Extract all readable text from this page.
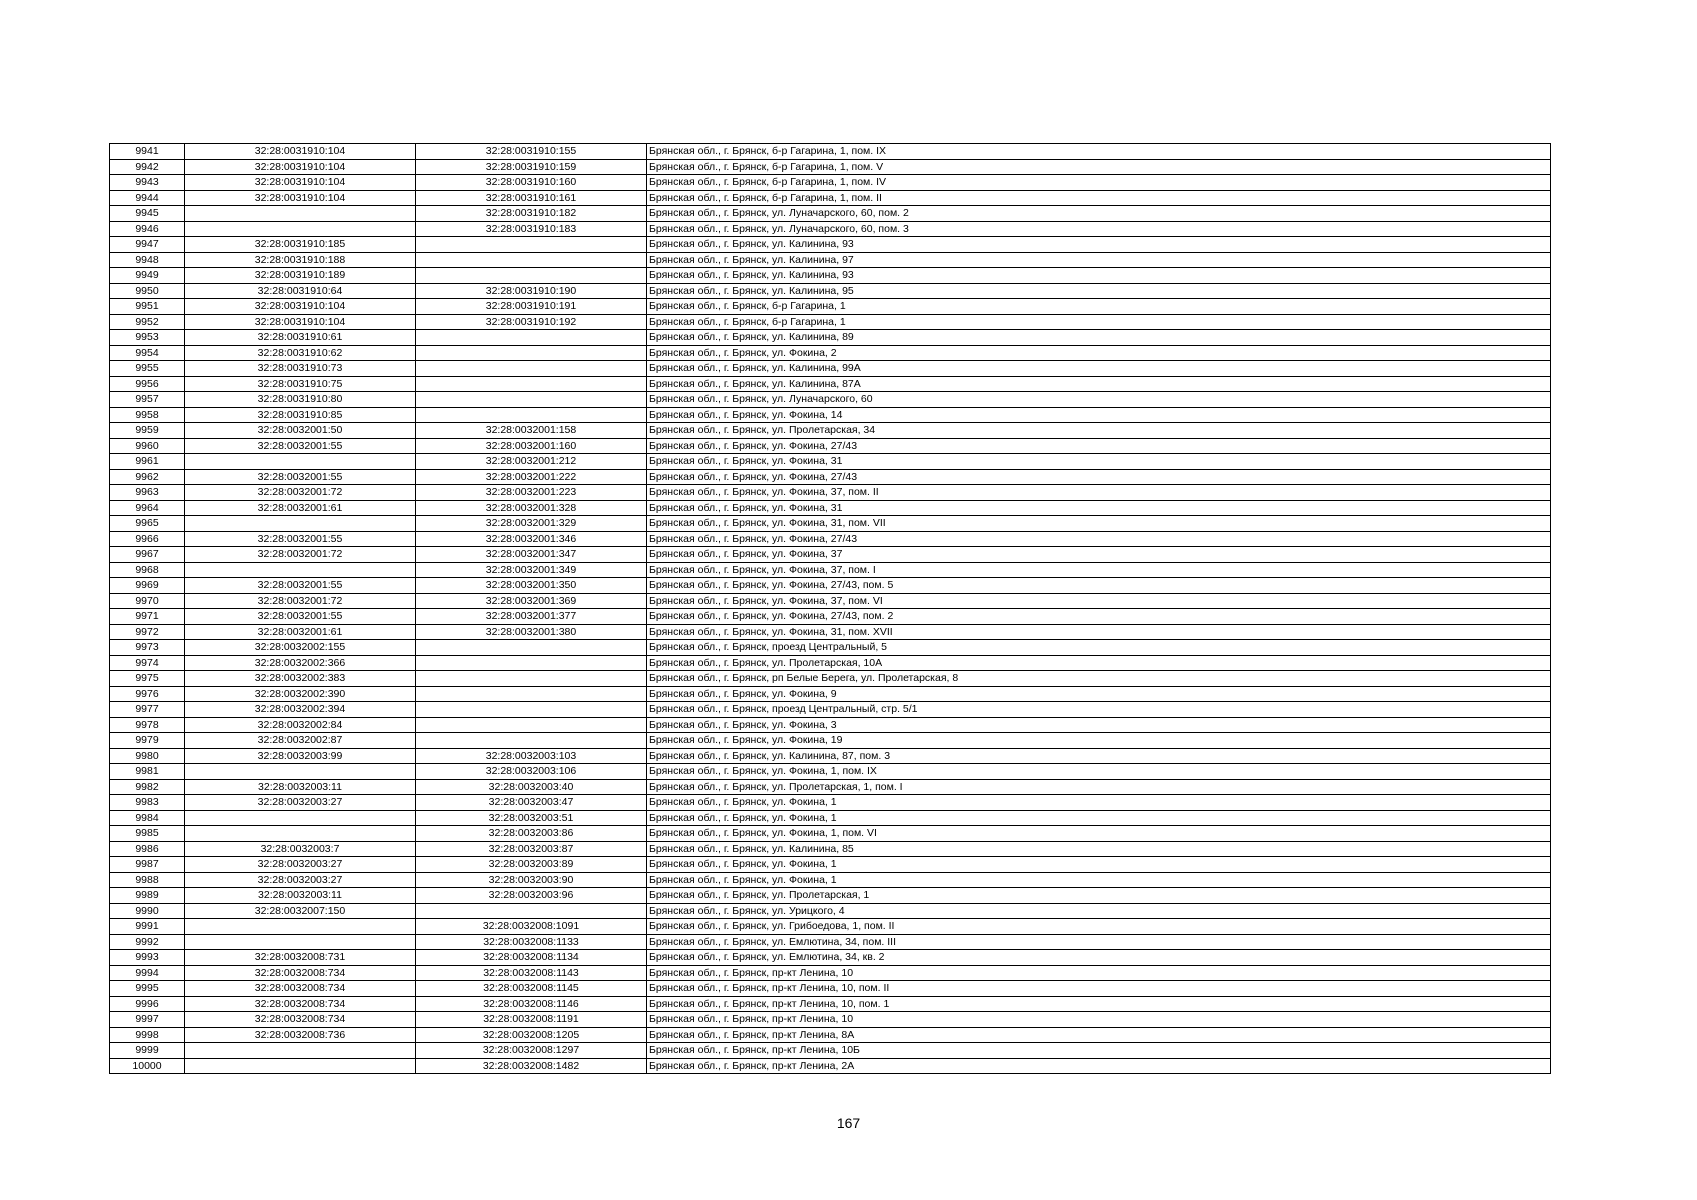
9941	32:28:0031910:104	32:28:0031910:155	Брянская обл., г. Брянск, б-р Гагарина, 1, пом. IX
9942	32:28:0031910:104	32:28:0031910:159	Брянская обл., г. Брянск, б-р Гагарина, 1, пом. V
9943	32:28:0031910:104	32:28:0031910:160	Брянская обл., г. Брянск, б-р Гагарина, 1, пом. IV
9944	32:28:0031910:104	32:28:0031910:161	Брянская обл., г. Брянск, б-р Гагарина, 1, пом. II
9945		32:28:0031910:182	Брянская обл., г. Брянск, ул. Луначарского, 60, пом. 2
9946		32:28:0031910:183	Брянская обл., г. Брянск, ул. Луначарского, 60, пом. 3
9947	32:28:0031910:185		Брянская обл., г. Брянск, ул. Калинина, 93
9948	32:28:0031910:188		Брянская обл., г. Брянск, ул. Калинина, 97
9949	32:28:0031910:189		Брянская обл., г. Брянск, ул. Калинина, 93
9950	32:28:0031910:64	32:28:0031910:190	Брянская обл., г. Брянск, ул. Калинина, 95
9951	32:28:0031910:104	32:28:0031910:191	Брянская обл., г. Брянск, б-р Гагарина, 1
9952	32:28:0031910:104	32:28:0031910:192	Брянская обл., г. Брянск, б-р Гагарина, 1
9953	32:28:0031910:61		Брянская обл., г. Брянск, ул. Калинина, 89
9954	32:28:0031910:62		Брянская обл., г. Брянск, ул. Фокина, 2
9955	32:28:0031910:73		Брянская обл., г. Брянск, ул. Калинина, 99А
9956	32:28:0031910:75		Брянская обл., г. Брянск, ул. Калинина, 87А
9957	32:28:0031910:80		Брянская обл., г. Брянск, ул. Луначарского, 60
9958	32:28:0031910:85		Брянская обл., г. Брянск, ул. Фокина, 14
9959	32:28:0032001:50	32:28:0032001:158	Брянская обл., г. Брянск, ул. Пролетарская, 34
9960	32:28:0032001:55	32:28:0032001:160	Брянская обл., г. Брянск, ул. Фокина, 27/43
9961		32:28:0032001:212	Брянская обл., г. Брянск, ул. Фокина, 31
9962	32:28:0032001:55	32:28:0032001:222	Брянская обл., г. Брянск, ул. Фокина, 27/43
9963	32:28:0032001:72	32:28:0032001:223	Брянская обл., г. Брянск, ул. Фокина, 37, пом. II
9964	32:28:0032001:61	32:28:0032001:328	Брянская обл., г. Брянск, ул. Фокина, 31
9965		32:28:0032001:329	Брянская обл., г. Брянск, ул. Фокина, 31, пом. VII
9966	32:28:0032001:55	32:28:0032001:346	Брянская обл., г. Брянск, ул. Фокина, 27/43
9967	32:28:0032001:72	32:28:0032001:347	Брянская обл., г. Брянск, ул. Фокина, 37
9968		32:28:0032001:349	Брянская обл., г. Брянск, ул. Фокина, 37, пом. I
9969	32:28:0032001:55	32:28:0032001:350	Брянская обл., г. Брянск, ул. Фокина, 27/43, пом. 5
9970	32:28:0032001:72	32:28:0032001:369	Брянская обл., г. Брянск, ул. Фокина, 37, пом. VI
9971	32:28:0032001:55	32:28:0032001:377	Брянская обл., г. Брянск, ул. Фокина, 27/43, пом. 2
9972	32:28:0032001:61	32:28:0032001:380	Брянская обл., г. Брянск, ул. Фокина, 31, пом. XVII
9973	32:28:0032002:155		Брянская обл., г. Брянск, проезд Центральный, 5
9974	32:28:0032002:366		Брянская обл., г. Брянск, ул. Пролетарская, 10А
9975	32:28:0032002:383		Брянская обл., г. Брянск, рп Белые Берега, ул. Пролетарская, 8
9976	32:28:0032002:390		Брянская обл., г. Брянск, ул. Фокина, 9
9977	32:28:0032002:394		Брянская обл., г. Брянск, проезд Центральный, стр. 5/1
9978	32:28:0032002:84		Брянская обл., г. Брянск, ул. Фокина, 3
9979	32:28:0032002:87		Брянская обл., г. Брянск, ул. Фокина, 19
9980	32:28:0032003:99	32:28:0032003:103	Брянская обл., г. Брянск, ул. Калинина, 87, пом. 3
9981		32:28:0032003:106	Брянская обл., г. Брянск, ул. Фокина, 1, пом. IX
9982	32:28:0032003:11	32:28:0032003:40	Брянская обл., г. Брянск, ул. Пролетарская, 1, пом. I
9983	32:28:0032003:27	32:28:0032003:47	Брянская обл., г. Брянск, ул. Фокина, 1
9984		32:28:0032003:51	Брянская обл., г. Брянск, ул. Фокина, 1
9985		32:28:0032003:86	Брянская обл., г. Брянск, ул. Фокина, 1, пом. VI
9986	32:28:0032003:7	32:28:0032003:87	Брянская обл., г. Брянск, ул. Калинина, 85
9987	32:28:0032003:27	32:28:0032003:89	Брянская обл., г. Брянск, ул. Фокина, 1
9988	32:28:0032003:27	32:28:0032003:90	Брянская обл., г. Брянск, ул. Фокина, 1
9989	32:28:0032003:11	32:28:0032003:96	Брянская обл., г. Брянск, ул. Пролетарская, 1
9990	32:28:0032007:150		Брянская обл., г. Брянск, ул. Урицкого, 4
9991		32:28:0032008:1091	Брянская обл., г. Брянск, ул. Грибоедова, 1, пом. II
9992		32:28:0032008:1133	Брянская обл., г. Брянск, ул. Емлютина, 34, пом. III
9993	32:28:0032008:731	32:28:0032008:1134	Брянская обл., г. Брянск, ул. Емлютина, 34, кв. 2
9994	32:28:0032008:734	32:28:0032008:1143	Брянская обл., г. Брянск, пр-кт Ленина, 10
9995	32:28:0032008:734	32:28:0032008:1145	Брянская обл., г. Брянск, пр-кт Ленина, 10, пом. II
9996	32:28:0032008:734	32:28:0032008:1146	Брянская обл., г. Брянск, пр-кт Ленина, 10, пом. 1
9997	32:28:0032008:734	32:28:0032008:1191	Брянская обл., г. Брянск, пр-кт Ленина, 10
9998	32:28:0032008:736	32:28:0032008:1205	Брянская обл., г. Брянск, пр-кт Ленина, 8А
9999		32:28:0032008:1297	Брянская обл., г. Брянск, пр-кт Ленина, 10Б
10000		32:28:0032008:1482	Брянская обл., г. Брянск, пр-кт Ленина, 2А
167
